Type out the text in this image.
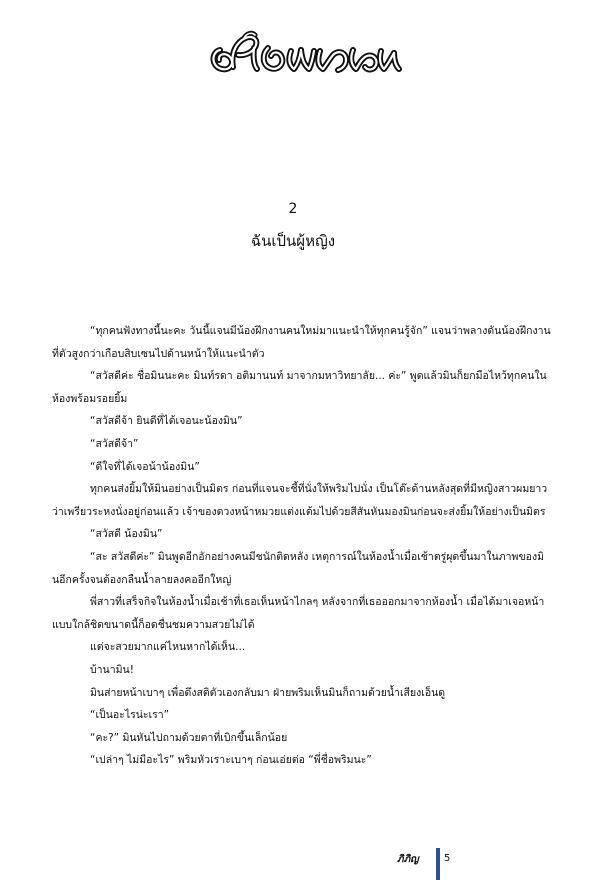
2
ฉันเป็นผู้หญิง

“ทุกคนฟังทางนี้นะคะ วันนี้แจนมีน้องฝึกงานคนใหม่มาแนะนำให้ทุกคนรู้จัก” แจนว่าพลางดันน้องฝึกงานที่ตัวสูงกว่าเกือบสิบเซนไปด้านหน้าให้แนะนำตัว

“สวัสดีค่ะ ชื่อมินนะคะ มินท์รดา อติมานนท์ มาจากมหาวิทยาลัย... ค่ะ” พูดแล้วมินก็ยกมือไหว้ทุกคนในห้องพร้อมรอยยิ้ม

“สวัสดีจ้า ยินดีที่ได้เจอนะน้องมิน”

“สวัสดีจ้า”

“ดีใจที่ได้เจอน้าน้องมิน”

ทุกคนส่งยิ้มให้มินอย่างเป็นมิตร ก่อนที่แจนจะชี้ที่นั่งให้พริมไปนั่ง เป็นโต๊ะด้านหลังสุดที่มีหญิงสาวผมยาวว่าเพรียวระหงนั่งอยู่ก่อนแล้ว เจ้าของดวงหน้าหมวยแต่งแต้มไปด้วยสีสันหันมองมินก่อนจะส่งยิ้มให้อย่างเป็นมิตร

“สวัสดี น้องมิน”

“สะ สวัสดีค่ะ” มินพูดอีกอักอย่างคนมีชนักติดหลัง เหตุการณ์ในห้องน้ำเมื่อเช้าตรู่ผุดขึ้นมาในภาพของมินอีกครั้งจนต้องกลืนน้ำลายลงคออีกใหญ่

พี่สาวที่เสร็จกิจในห้องน้ำเมื่อเช้าที่เธอเห็นหน้าไกลๆ หลังจากที่เธอออกมาจากห้องน้ำ เมื่อได้มาเจอหน้าแบบใกล้ชิดขนาดนี้ก็อดชื่นชมความสวยไม่ได้

แต่จะสวยมากแค่ไหนหากได้เห็น...

บ้านามิน!

มินส่ายหน้าเบาๆ เพื่อดึงสติตัวเองกลับมา ฝ่ายพริมเห็นมินก็ถามด้วยน้ำเสียงเอ็นดู

“เป็นอะไรน่ะเรา”

“คะ?” มินหันไปถามด้วยตาที่เบิกขึ้นเล็กน้อย

“เปล่าๆ ไม่มีอะไร” พริมหัวเราะเบาๆ ก่อนเอ่ยต่อ “พี่ชื่อพริมนะ”

ภิภิญ	5
